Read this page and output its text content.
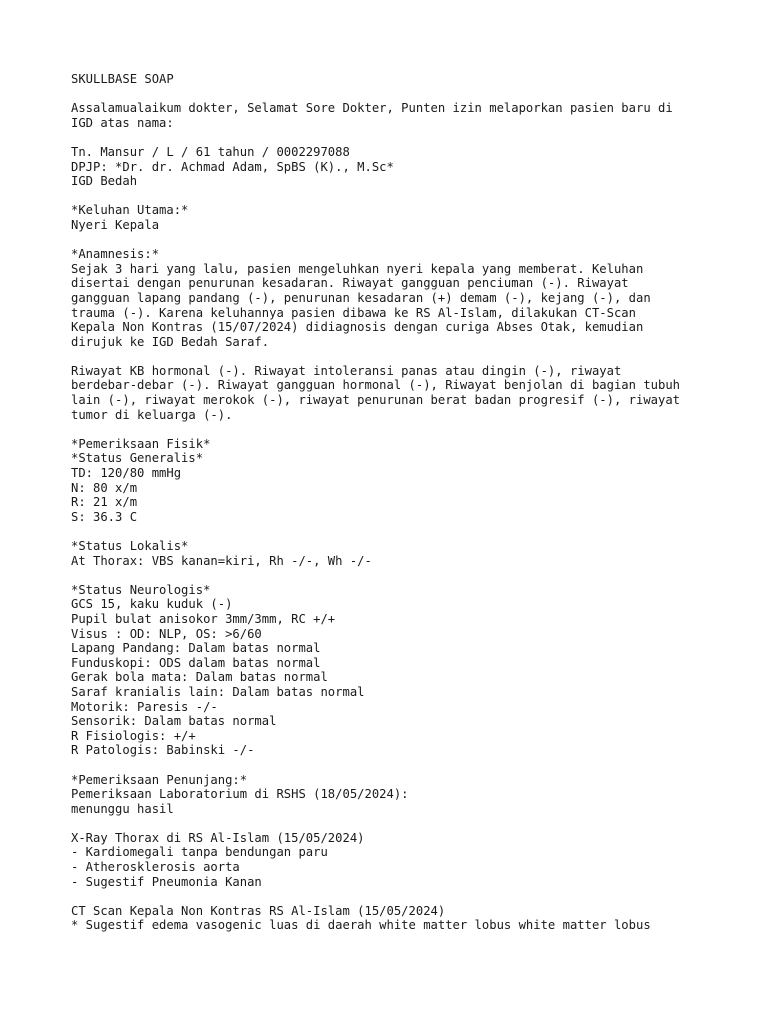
SKULLBASE SOAP
Assalamualaikum dokter, Selamat Sore Dokter, Punten izin melaporkan pasien baru di
IGD atas nama:
Tn. Mansur / L / 61 tahun / 0002297088
DPJP: *Dr. dr. Achmad Adam, SpBS (K)., M.Sc*
IGD Bedah
*Keluhan Utama:*
Nyeri Kepala
*Anamnesis:*
Sejak 3 hari yang lalu, pasien mengeluhkan nyeri kepala yang memberat. Keluhan
disertai dengan penurunan kesadaran. Riwayat gangguan penciuman (-). Riwayat
gangguan lapang pandang (-), penurunan kesadaran (+) demam (-), kejang (-), dan
trauma (-). Karena keluhannya pasien dibawa ke RS Al-Islam, dilakukan CT-Scan
Kepala Non Kontras (15/07/2024) didiagnosis dengan curiga Abses Otak, kemudian
dirujuk ke IGD Bedah Saraf.
Riwayat KB hormonal (-). Riwayat intoleransi panas atau dingin (-), riwayat
berdebar-debar (-). Riwayat gangguan hormonal (-), Riwayat benjolan di bagian tubuh
lain (-), riwayat merokok (-), riwayat penurunan berat badan progresif (-), riwayat
tumor di keluarga (-).
*Pemeriksaan Fisik*
*Status Generalis*
TD: 120/80 mmHg
N: 80 x/m
R: 21 x/m
S: 36.3 C
*Status Lokalis*
At Thorax: VBS kanan=kiri, Rh -/-, Wh -/-
*Status Neurologis*
GCS 15, kaku kuduk (-)
Pupil bulat anisokor 3mm/3mm, RC +/+
Visus : OD: NLP, OS: >6/60
Lapang Pandang: Dalam batas normal
Funduskopi: ODS dalam batas normal
Gerak bola mata: Dalam batas normal
Saraf kranialis lain: Dalam batas normal
Motorik: Paresis -/-
Sensorik: Dalam batas normal
R Fisiologis: +/+
R Patologis: Babinski -/-
*Pemeriksaan Penunjang:*
Pemeriksaan Laboratorium di RSHS (18/05/2024):
menunggu hasil
X-Ray Thorax di RS Al-Islam (15/05/2024)
- Kardiomegali tanpa bendungan paru
- Atherosklerosis aorta
- Sugestif Pneumonia Kanan
CT Scan Kepala Non Kontras RS Al-Islam (15/05/2024)
* Sugestif edema vasogenic luas di daerah white matter lobus white matter lobus
